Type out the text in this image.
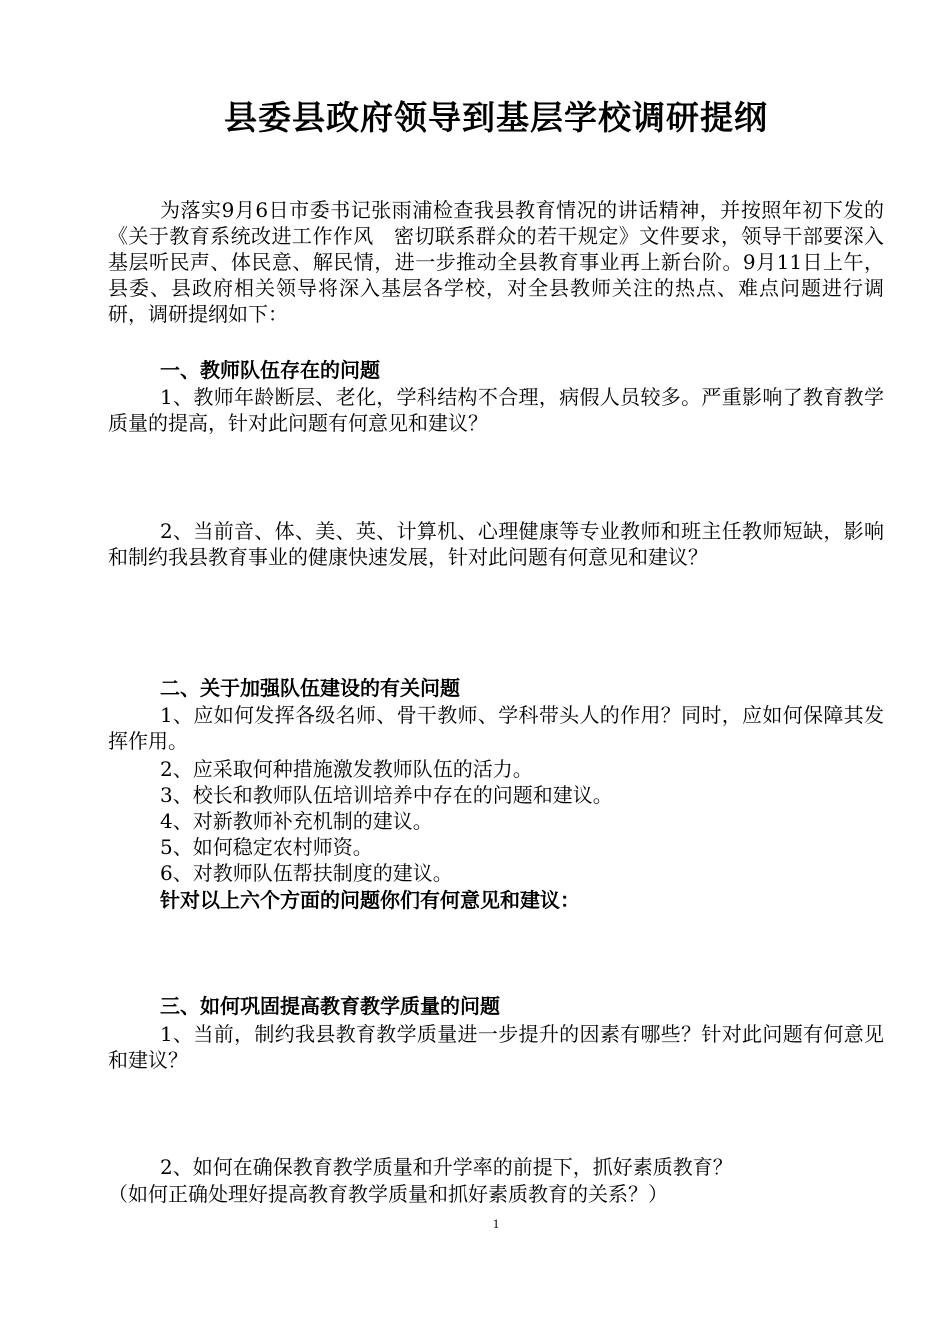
县委县政府领导到基层学校调研提纲
为落实9月6日市委书记张雨浦检查我县教育情况的讲话精神，并按照年初下发的《关于教育系统改进工作作风　密切联系群众的若干规定》文件要求，领导干部要深入基层听民声、体民意、解民情，进一步推动全县教育事业再上新台阶。9月11日上午，县委、县政府相关领导将深入基层各学校，对全县教师关注的热点、难点问题进行调研，调研提纲如下：
一、教师队伍存在的问题
1、教师年龄断层、老化，学科结构不合理，病假人员较多。严重影响了教育教学质量的提高，针对此问题有何意见和建议？
2、当前音、体、美、英、计算机、心理健康等专业教师和班主任教师短缺，影响和制约我县教育事业的健康快速发展，针对此问题有何意见和建议？
二、关于加强队伍建设的有关问题
1、应如何发挥各级名师、骨干教师、学科带头人的作用？同时，应如何保障其发挥作用。
2、应采取何种措施激发教师队伍的活力。
3、校长和教师队伍培训培养中存在的问题和建议。
4、对新教师补充机制的建议。
5、如何稳定农村师资。
6、对教师队伍帮扶制度的建议。
针对以上六个方面的问题你们有何意见和建议：
三、如何巩固提高教育教学质量的问题
1、当前，制约我县教育教学质量进一步提升的因素有哪些？针对此问题有何意见和建议？
2、如何在确保教育教学质量和升学率的前提下，抓好素质教育？
（如何正确处理好提高教育教学质量和抓好素质教育的关系？）
1
